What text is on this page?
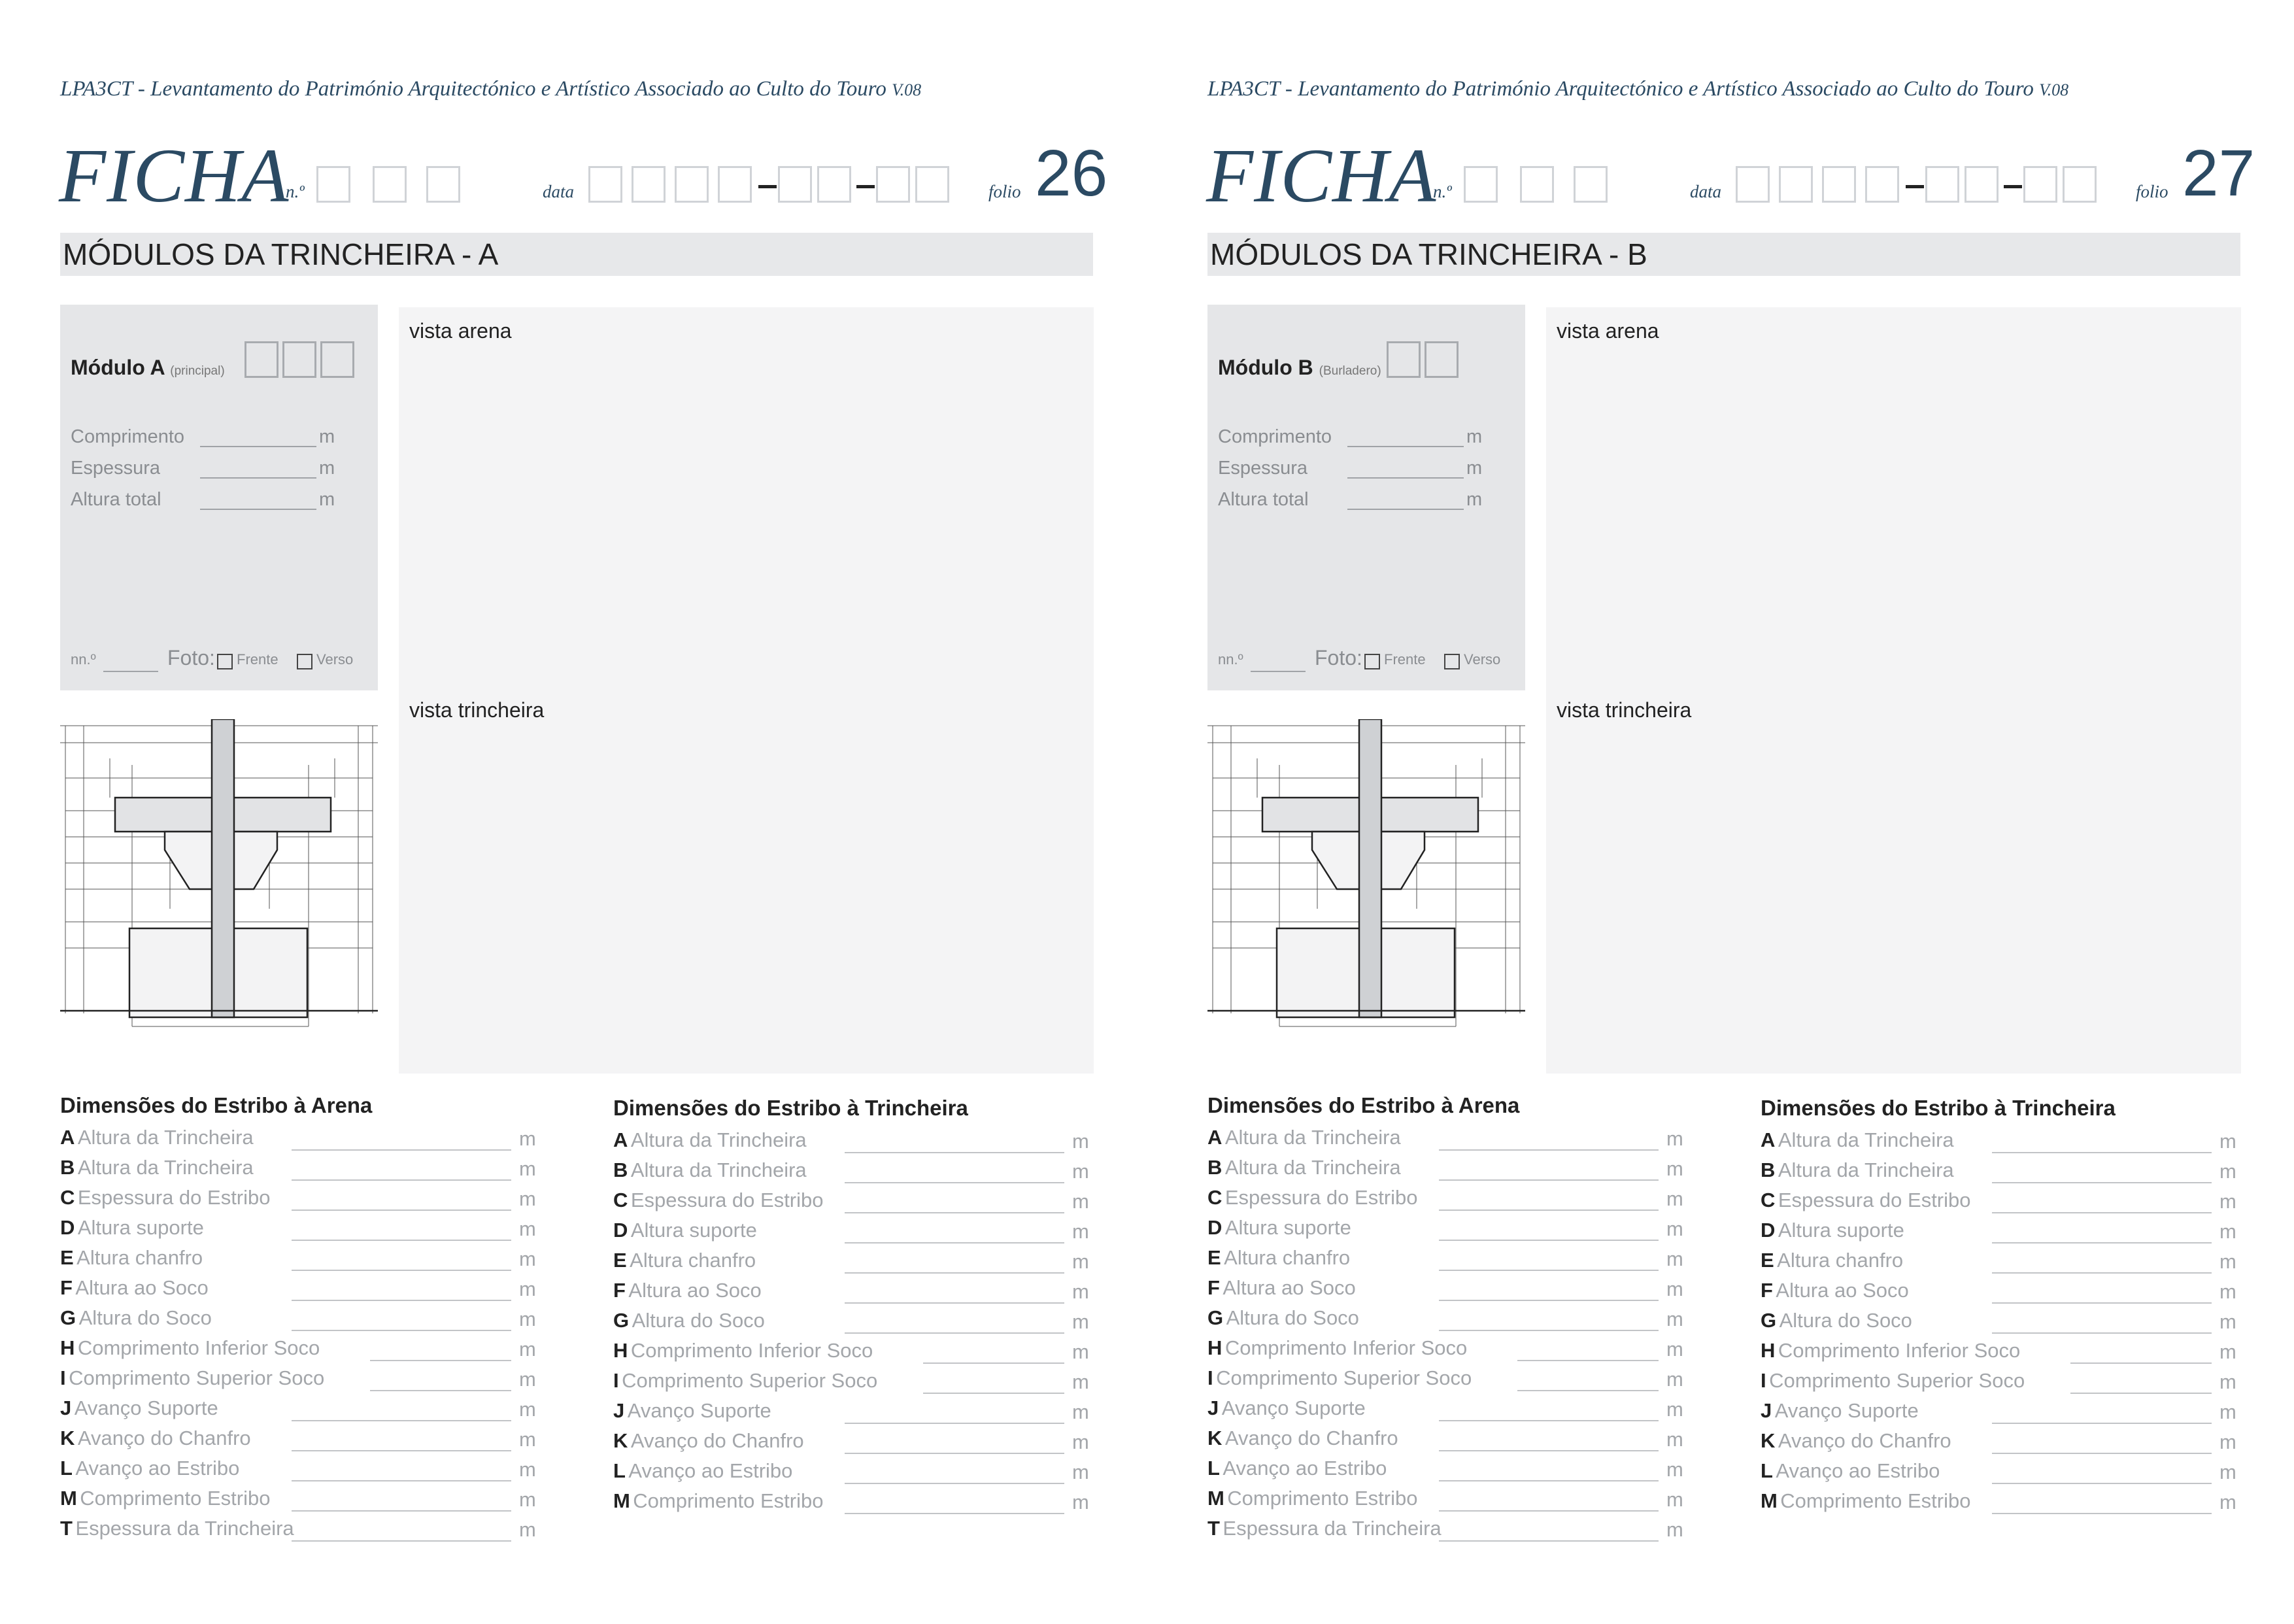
LPA3CT - Levantamento do Património Arquitectónico e Artístico Associado ao Culto do Touro V.08
FICHA
n.º	data	folio 26
MÓDULOS DA TRINCHEIRA - A
Módulo A (principal)
Comprimento	m
Espessura	m
Altura total	m
nn.º	Foto: Frente	Verso
vista arena
vista trincheira
Dimensões do Estribo à Arena
A Altura da Trincheira	m
B Altura da Trincheira	m
C Espessura do Estribo	m
D Altura suporte	m
E Altura chanfro	m
F Altura ao Soco	m
G Altura do Soco	m
H Comprimento Inferior Soco	m
I Comprimento Superior Soco	m
J Avanço Suporte	m
K Avanço do Chanfro	m
L Avanço ao Estribo	m
M Comprimento Estribo	m
T Espessura da Trincheira	m
Dimensões do Estribo à Trincheira
A Altura da Trincheira	m
B Altura da Trincheira	m
C Espessura do Estribo	m
D Altura suporte	m
E Altura chanfro	m
F Altura ao Soco	m
G Altura do Soco	m
H Comprimento Inferior Soco	m
I Comprimento Superior Soco	m
J Avanço Suporte	m
K Avanço do Chanfro	m
L Avanço ao Estribo	m
M Comprimento Estribo	m
LPA3CT - Levantamento do Património Arquitectónico e Artístico Associado ao Culto do Touro V.08
FICHA
n.º	data	folio 27
MÓDULOS DA TRINCHEIRA - B
Módulo B (Burladero)
Comprimento	m
Espessura	m
Altura total	m
nn.º	Foto: Frente	Verso
vista arena
vista trincheira
Dimensões do Estribo à Arena
A Altura da Trincheira	m
B Altura da Trincheira	m
C Espessura do Estribo	m
D Altura suporte	m
E Altura chanfro	m
F Altura ao Soco	m
G Altura do Soco	m
H Comprimento Inferior Soco	m
I Comprimento Superior Soco	m
J Avanço Suporte	m
K Avanço do Chanfro	m
L Avanço ao Estribo	m
M Comprimento Estribo	m
T Espessura da Trincheira	m
Dimensões do Estribo à Trincheira
A Altura da Trincheira	m
B Altura da Trincheira	m
C Espessura do Estribo	m
D Altura suporte	m
E Altura chanfro	m
F Altura ao Soco	m
G Altura do Soco	m
H Comprimento Inferior Soco	m
I Comprimento Superior Soco	m
J Avanço Suporte	m
K Avanço do Chanfro	m
L Avanço ao Estribo	m
M Comprimento Estribo	m
